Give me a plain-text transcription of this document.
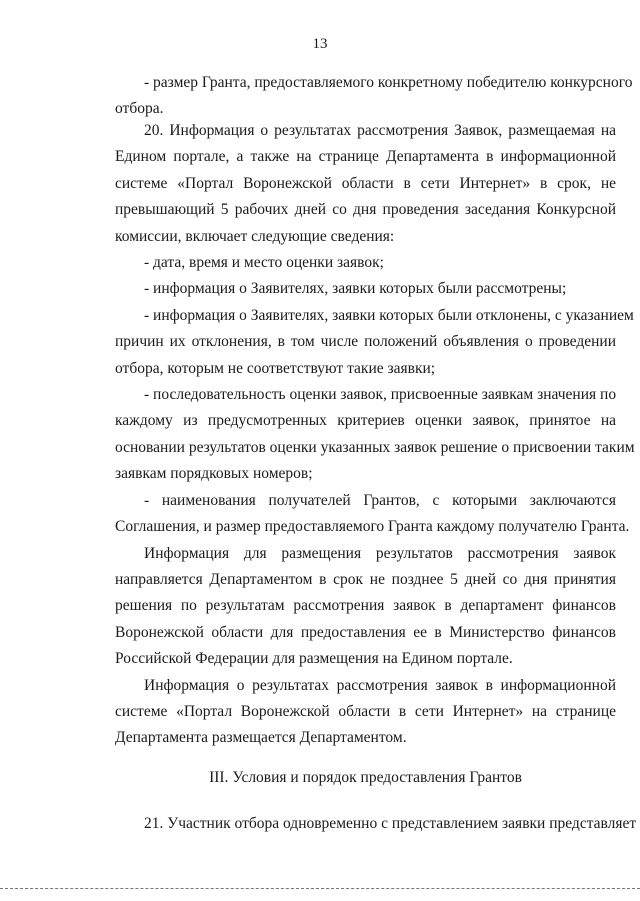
13
- размер Гранта, предоставляемого конкретному победителю конкурсного
отбора.
20. Информация о результатах рассмотрения Заявок, размещаемая на
Едином портале, а также на странице Департамента в информационной
системе «Портал Воронежской области в сети Интернет» в срок, не
превышающий 5 рабочих дней со дня проведения заседания Конкурсной
комиссии, включает следующие сведения:
- дата, время и место оценки заявок;
- информация о Заявителях, заявки которых были рассмотрены;
- информация о Заявителях, заявки которых были отклонены, с указанием
причин их отклонения, в том числе положений объявления о проведении
отбора, которым не соответствуют такие заявки;
- последовательность оценки заявок, присвоенные заявкам значения по
каждому из предусмотренных критериев оценки заявок, принятое на
основании результатов оценки указанных заявок решение о присвоении таким
заявкам порядковых номеров;
- наименования получателей Грантов, с которыми заключаются
Соглашения, и размер предоставляемого Гранта каждому получателю Гранта.
Информация для размещения результатов рассмотрения заявок
направляется Департаментом в срок не позднее 5 дней со дня принятия
решения по результатам рассмотрения заявок в департамент финансов
Воронежской области для предоставления ее в Министерство финансов
Российской Федерации для размещения на Едином портале.
Информация о результатах рассмотрения заявок в информационной
системе «Портал Воронежской области в сети Интернет» на странице
Департамента размещается Департаментом.
III. Условия и порядок предоставления Грантов
21. Участник отбора одновременно с представлением заявки представляет
